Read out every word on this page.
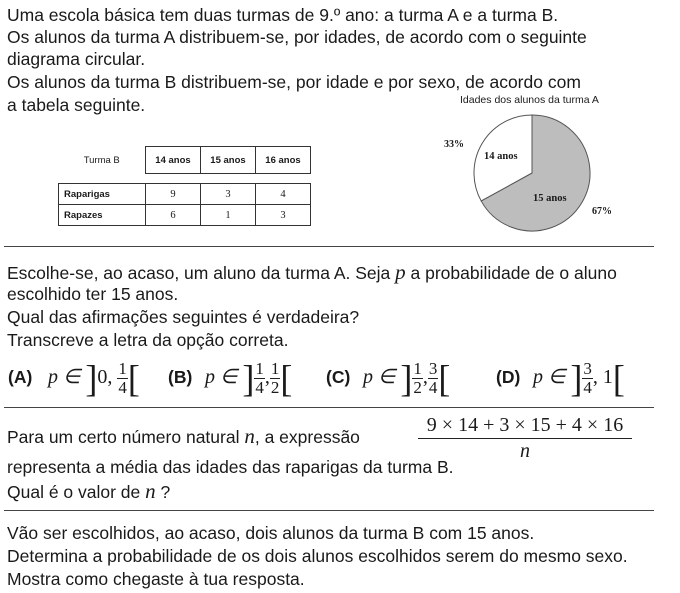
Uma escola básica tem duas turmas de 9.º ano: a turma A e a turma B.
Os alunos da turma A distribuem-se, por idades, de acordo com o seguinte
diagrama circular.
Os alunos da turma B distribuem-se, por idade e por sexo, de acordo com
a tabela seguinte.
Turma B	14 anos	15 anos	16 anos

Raparigas	9	3	4
Rapazes	6	1	3
Idades dos alunos da turma A
14 anos
15 anos
33%
67%
Escolhe-se, ao acaso, um aluno da turma A. Seja p a probabilidade de o aluno
escolhido ter 15 anos.
Qual das afirmações seguintes é verdadeira?
Transcreve a letra da opção correta.
(A) p ∈ ]0, $\frac{1}{4}$ [ (B) p ∈ ] $\frac{1}{4}$ , $\frac{1}{2}$ [ (C) p ∈ ] $\frac{1}{2}$ , $\frac{3}{4}$ [	(D) p ∈ ] $\frac{3}{4}$ , 1[
Para um certo número natural n, a expressão	$\frac{9 \times 14 + 3 \times 15 + 4 \times 16}{n}$
representa a média das idades das raparigas da turma B.
Qual é o valor de n ?
Vão ser escolhidos, ao acaso, dois alunos da turma B com 15 anos.
Determina a probabilidade de os dois alunos escolhidos serem do mesmo sexo.
Mostra como chegaste à tua resposta.
